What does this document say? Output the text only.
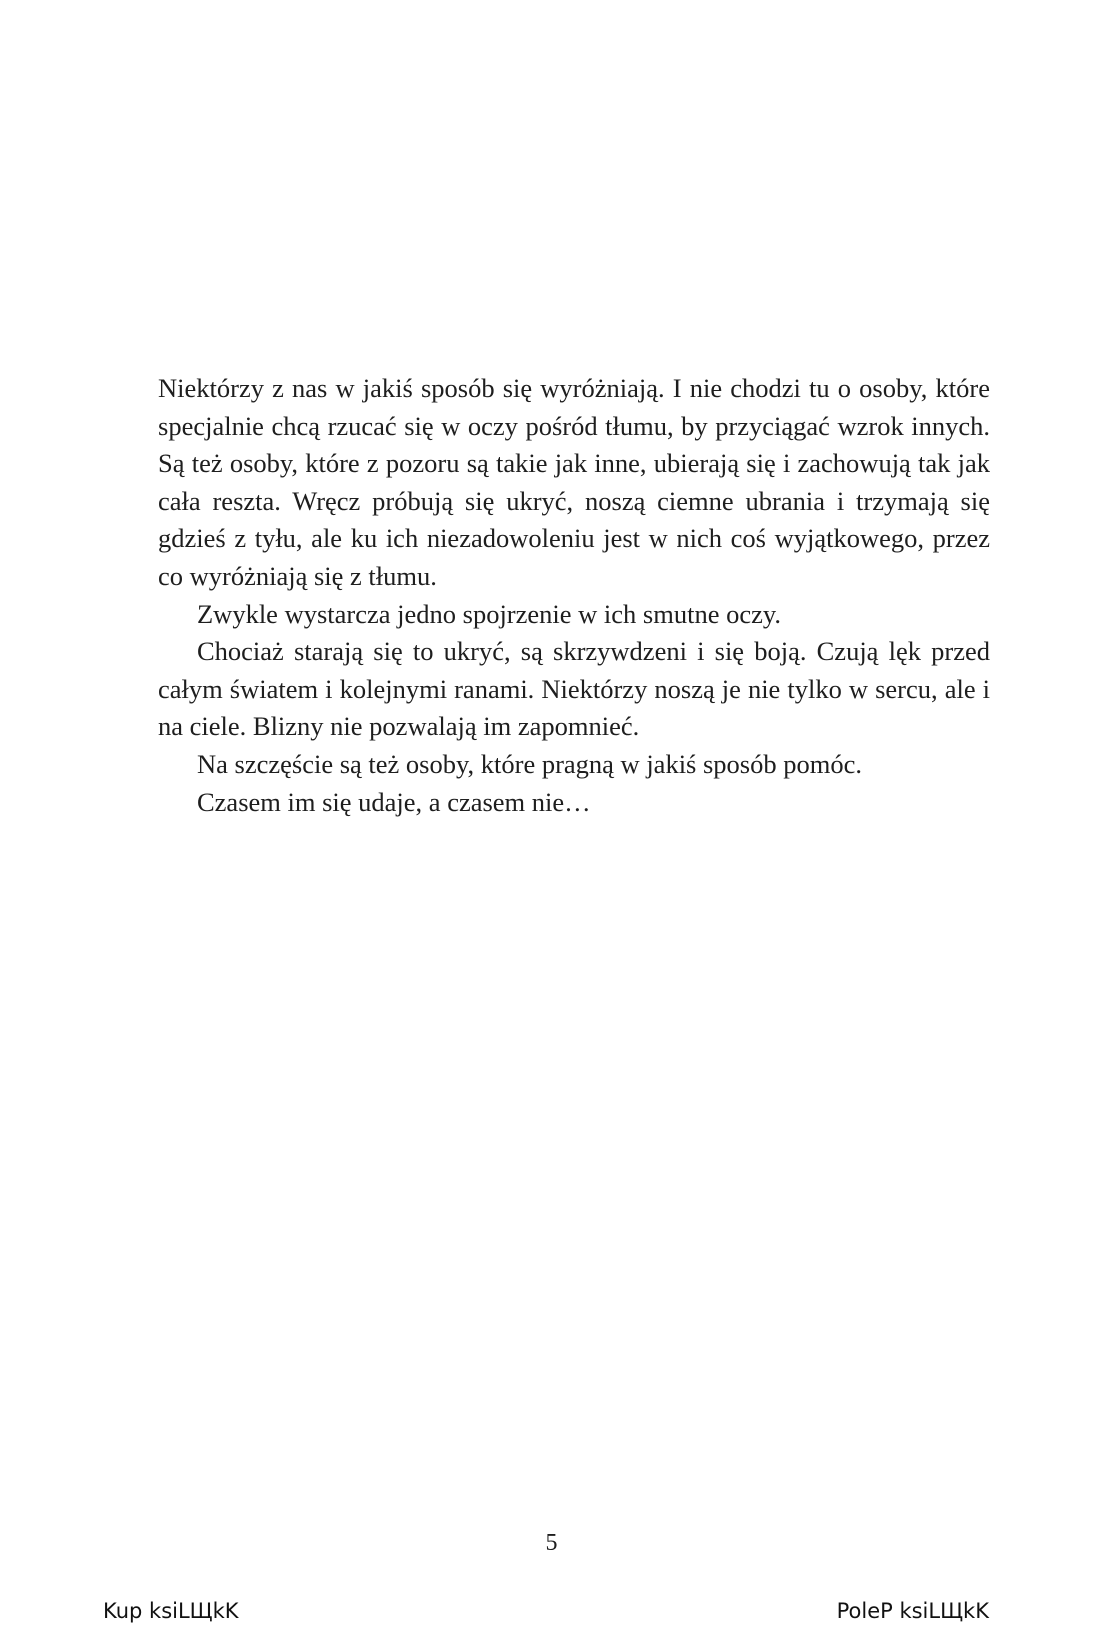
Niektórzy z nas w jakiś sposób się wyróżniają. I nie chodzi tu o osoby, które specjalnie chcą rzucać się w oczy pośród tłumu, by przyciągać wzrok innych. Są też osoby, które z pozoru są takie jak inne, ubierają się i zachowują tak jak cała reszta. Wręcz próbują się ukryć, noszą ciemne ubrania i trzymają się gdzieś z tyłu, ale ku ich niezadowoleniu jest w nich coś wyjątkowego, przez co wyróżniają się z tłumu.

Zwykle wystarcza jedno spojrzenie w ich smutne oczy.

Chociaż starają się to ukryć, są skrzywdzeni i się boją. Czują lęk przed całym światem i kolejnymi ranami. Niektórzy noszą je nie tylko w sercu, ale i na ciele. Blizny nie pozwalają im zapomnieć.

Na szczęście są też osoby, które pragną w jakiś sposób pomóc.

Czasem im się udaje, a czasem nie…

5
Kup ksiLЩkK	PoleP ksiLЩkK
